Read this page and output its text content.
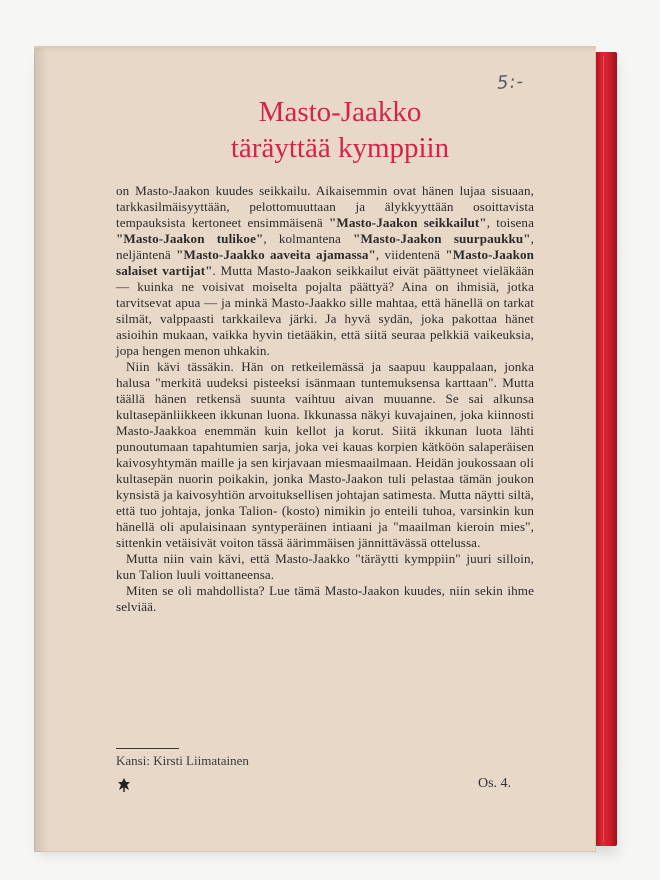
5:-
Masto-Jaakko
täräyttää kymppiin

on Masto-Jaakon kuudes seikkailu. Aikaisemmin ovat hänen lujaa sisuaan, tarkkasilmäisyyttään, pelottomuuttaan ja älykkyyttään osoittavista tempauksista kertoneet ensimmäisenä "Masto-Jaakon seikkailut", toisena "Masto-Jaakon tulikoe", kolmantena "Masto-Jaakon suurpaukku", neljäntenä "Masto-Jaakko aaveita ajamassa", viidentenä "Masto-Jaakon salaiset vartijat". Mutta Masto-Jaakon seikkailut eivät päättyneet vieläkään — kuinka ne voisivat moiselta pojalta päättyä? Aina on ihmisiä, jotka tarvitsevat apua — ja minkä Masto-Jaakko sille mahtaa, että hänellä on tarkat silmät, valppaasti tarkkaileva järki. Ja hyvä sydän, joka pakottaa hänet asioihin mukaan, vaikka hyvin tietääkin, että siitä seuraa pelkkiä vaikeuksia, jopa hengen menon uhkakin.

Niin kävi tässäkin. Hän on retkeilemässä ja saapuu kauppalaan, jonka halusa "merkitä uudeksi pisteeksi isänmaan tuntemuksensa karttaan". Mutta täällä hänen retkensä suunta vaihtuu aivan muuanne. Se sai alkunsa kultasepänliikkeen ikkunan luona. Ikkunassa näkyi kuvajainen, joka kiinnosti Masto-Jaakkoa enemmän kuin kellot ja korut. Siitä ikkunan luota lähti punoutumaan tapahtumien sarja, joka vei kauas korpien kätköön salaperäisen kaivosyhtymän maille ja sen kirjavaan miesmaailmaan. Heidän joukossaan oli kultasepän nuorin poikakin, jonka Masto-Jaakon tuli pelastaa tämän joukon kynsistä ja kaivosyhtiön arvoituksellisen johtajan satimesta. Mutta näytti siltä, että tuo johtaja, jonka Talion- (kosto) nimikin jo enteili tuhoa, varsinkin kun hänellä oli apulaisinaan syntyperäinen intiaani ja "maailman kieroin mies", sittenkin vetäisivät voiton tässä äärimmäisen jännittävässä ottelussa.

Mutta niin vain kävi, että Masto-Jaakko "täräytti kymppiin" juuri silloin, kun Talion luuli voittaneensa.

Miten se oli mahdollista? Lue tämä Masto-Jaakon kuudes, niin sekin ihme selviää.

Kansi: Kirsti Liimatainen
Os. 4.
